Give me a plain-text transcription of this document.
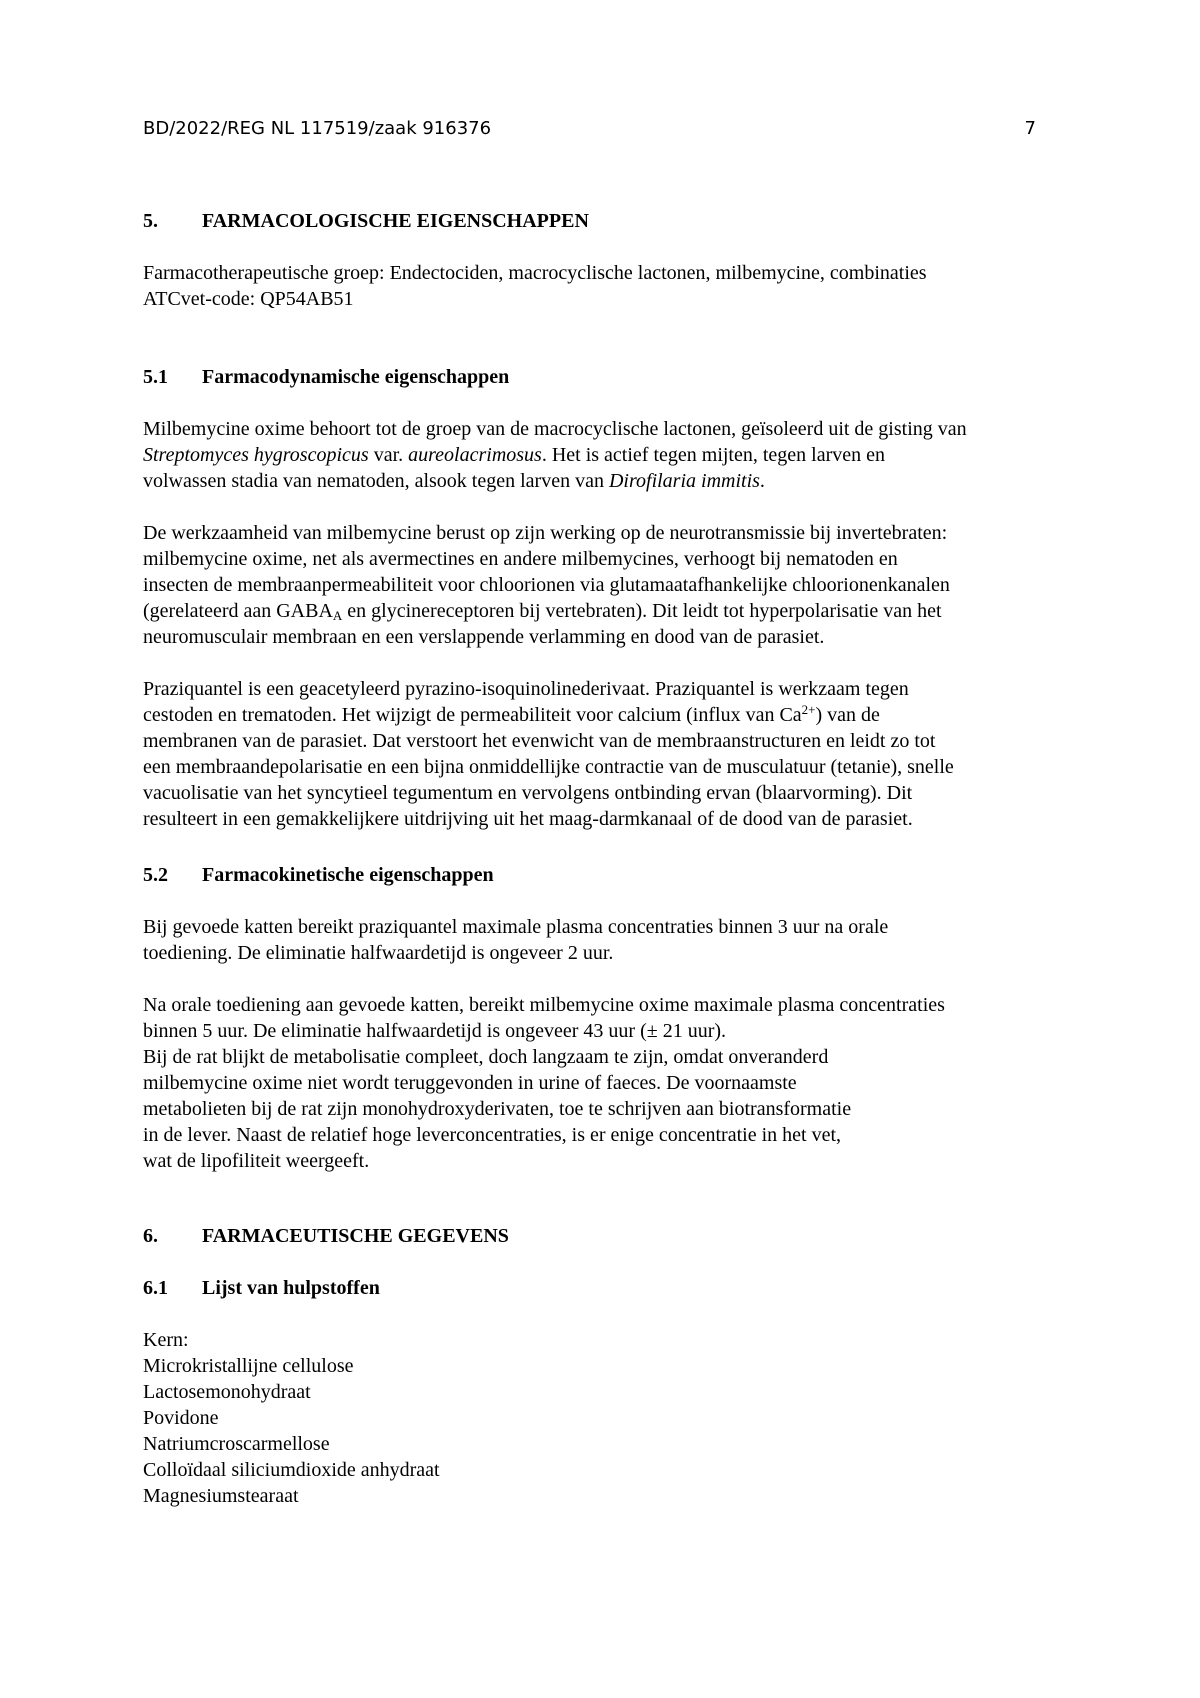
BD/2022/REG NL 117519/zaak 916376	7
5. FARMACOLOGISCHE EIGENSCHAPPEN

Farmacotherapeutische groep: Endectociden, macrocyclische lactonen, milbemycine, combinaties

ATCvet-code: QP54AB51

5.1 Farmacodynamische eigenschappen

Milbemycine oxime behoort tot de groep van de macrocyclische lactonen, geïsoleerd uit de gisting van

Streptomyces hygroscopicus var. aureolacrimosus. Het is actief tegen mijten, tegen larven en

volwassen stadia van nematoden, alsook tegen larven van Dirofilaria immitis.

De werkzaamheid van milbemycine berust op zijn werking op de neurotransmissie bij invertebraten:

milbemycine oxime, net als avermectines en andere milbemycines, verhoogt bij nematoden en

insecten de membraanpermeabiliteit voor chloorionen via glutamaatafhankelijke chloorionenkanalen

(gerelateerd aan $GABA_A$ en glycinereceptoren bij vertebraten). Dit leidt tot hyperpolarisatie van het

neuromusculair membraan en een verslappende verlamming en dood van de parasiet.

Praziquantel is een geacetyleerd pyrazino-isoquinolinederivaat. Praziquantel is werkzaam tegen

cestoden en trematoden. Het wijzigt de permeabiliteit voor calcium (influx van $Ca^{2+}$) van de

membranen van de parasiet. Dat verstoort het evenwicht van de membraanstructuren en leidt zo tot

een membraandepolarisatie en een bijna onmiddellijke contractie van de musculatuur (tetanie), snelle

vacuolisatie van het syncytieel tegumentum en vervolgens ontbinding ervan (blaarvorming). Dit

resulteert in een gemakkelijkere uitdrijving uit het maag-darmkanaal of de dood van de parasiet.

5.2 Farmacokinetische eigenschappen

Bij gevoede katten bereikt praziquantel maximale plasma concentraties binnen 3 uur na orale

toediening. De eliminatie halfwaardetijd is ongeveer 2 uur.

Na orale toediening aan gevoede katten, bereikt milbemycine oxime maximale plasma concentraties

binnen 5 uur. De eliminatie halfwaardetijd is ongeveer 43 uur (± 21 uur).

Bij de rat blijkt de metabolisatie compleet, doch langzaam te zijn, omdat onveranderd

milbemycine oxime niet wordt teruggevonden in urine of faeces. De voornaamste

metabolieten bij de rat zijn monohydroxyderivaten, toe te schrijven aan biotransformatie

in de lever. Naast de relatief hoge leverconcentraties, is er enige concentratie in het vet,

wat de lipofiliteit weergeeft.

6. FARMACEUTISCHE GEGEVENS
6.1 Lijst van hulpstoffen

Kern:

Microkristallijne cellulose

Lactosemonohydraat

Povidone

Natriumcroscarmellose

Colloïdaal siliciumdioxide anhydraat

Magnesiumstearaat
